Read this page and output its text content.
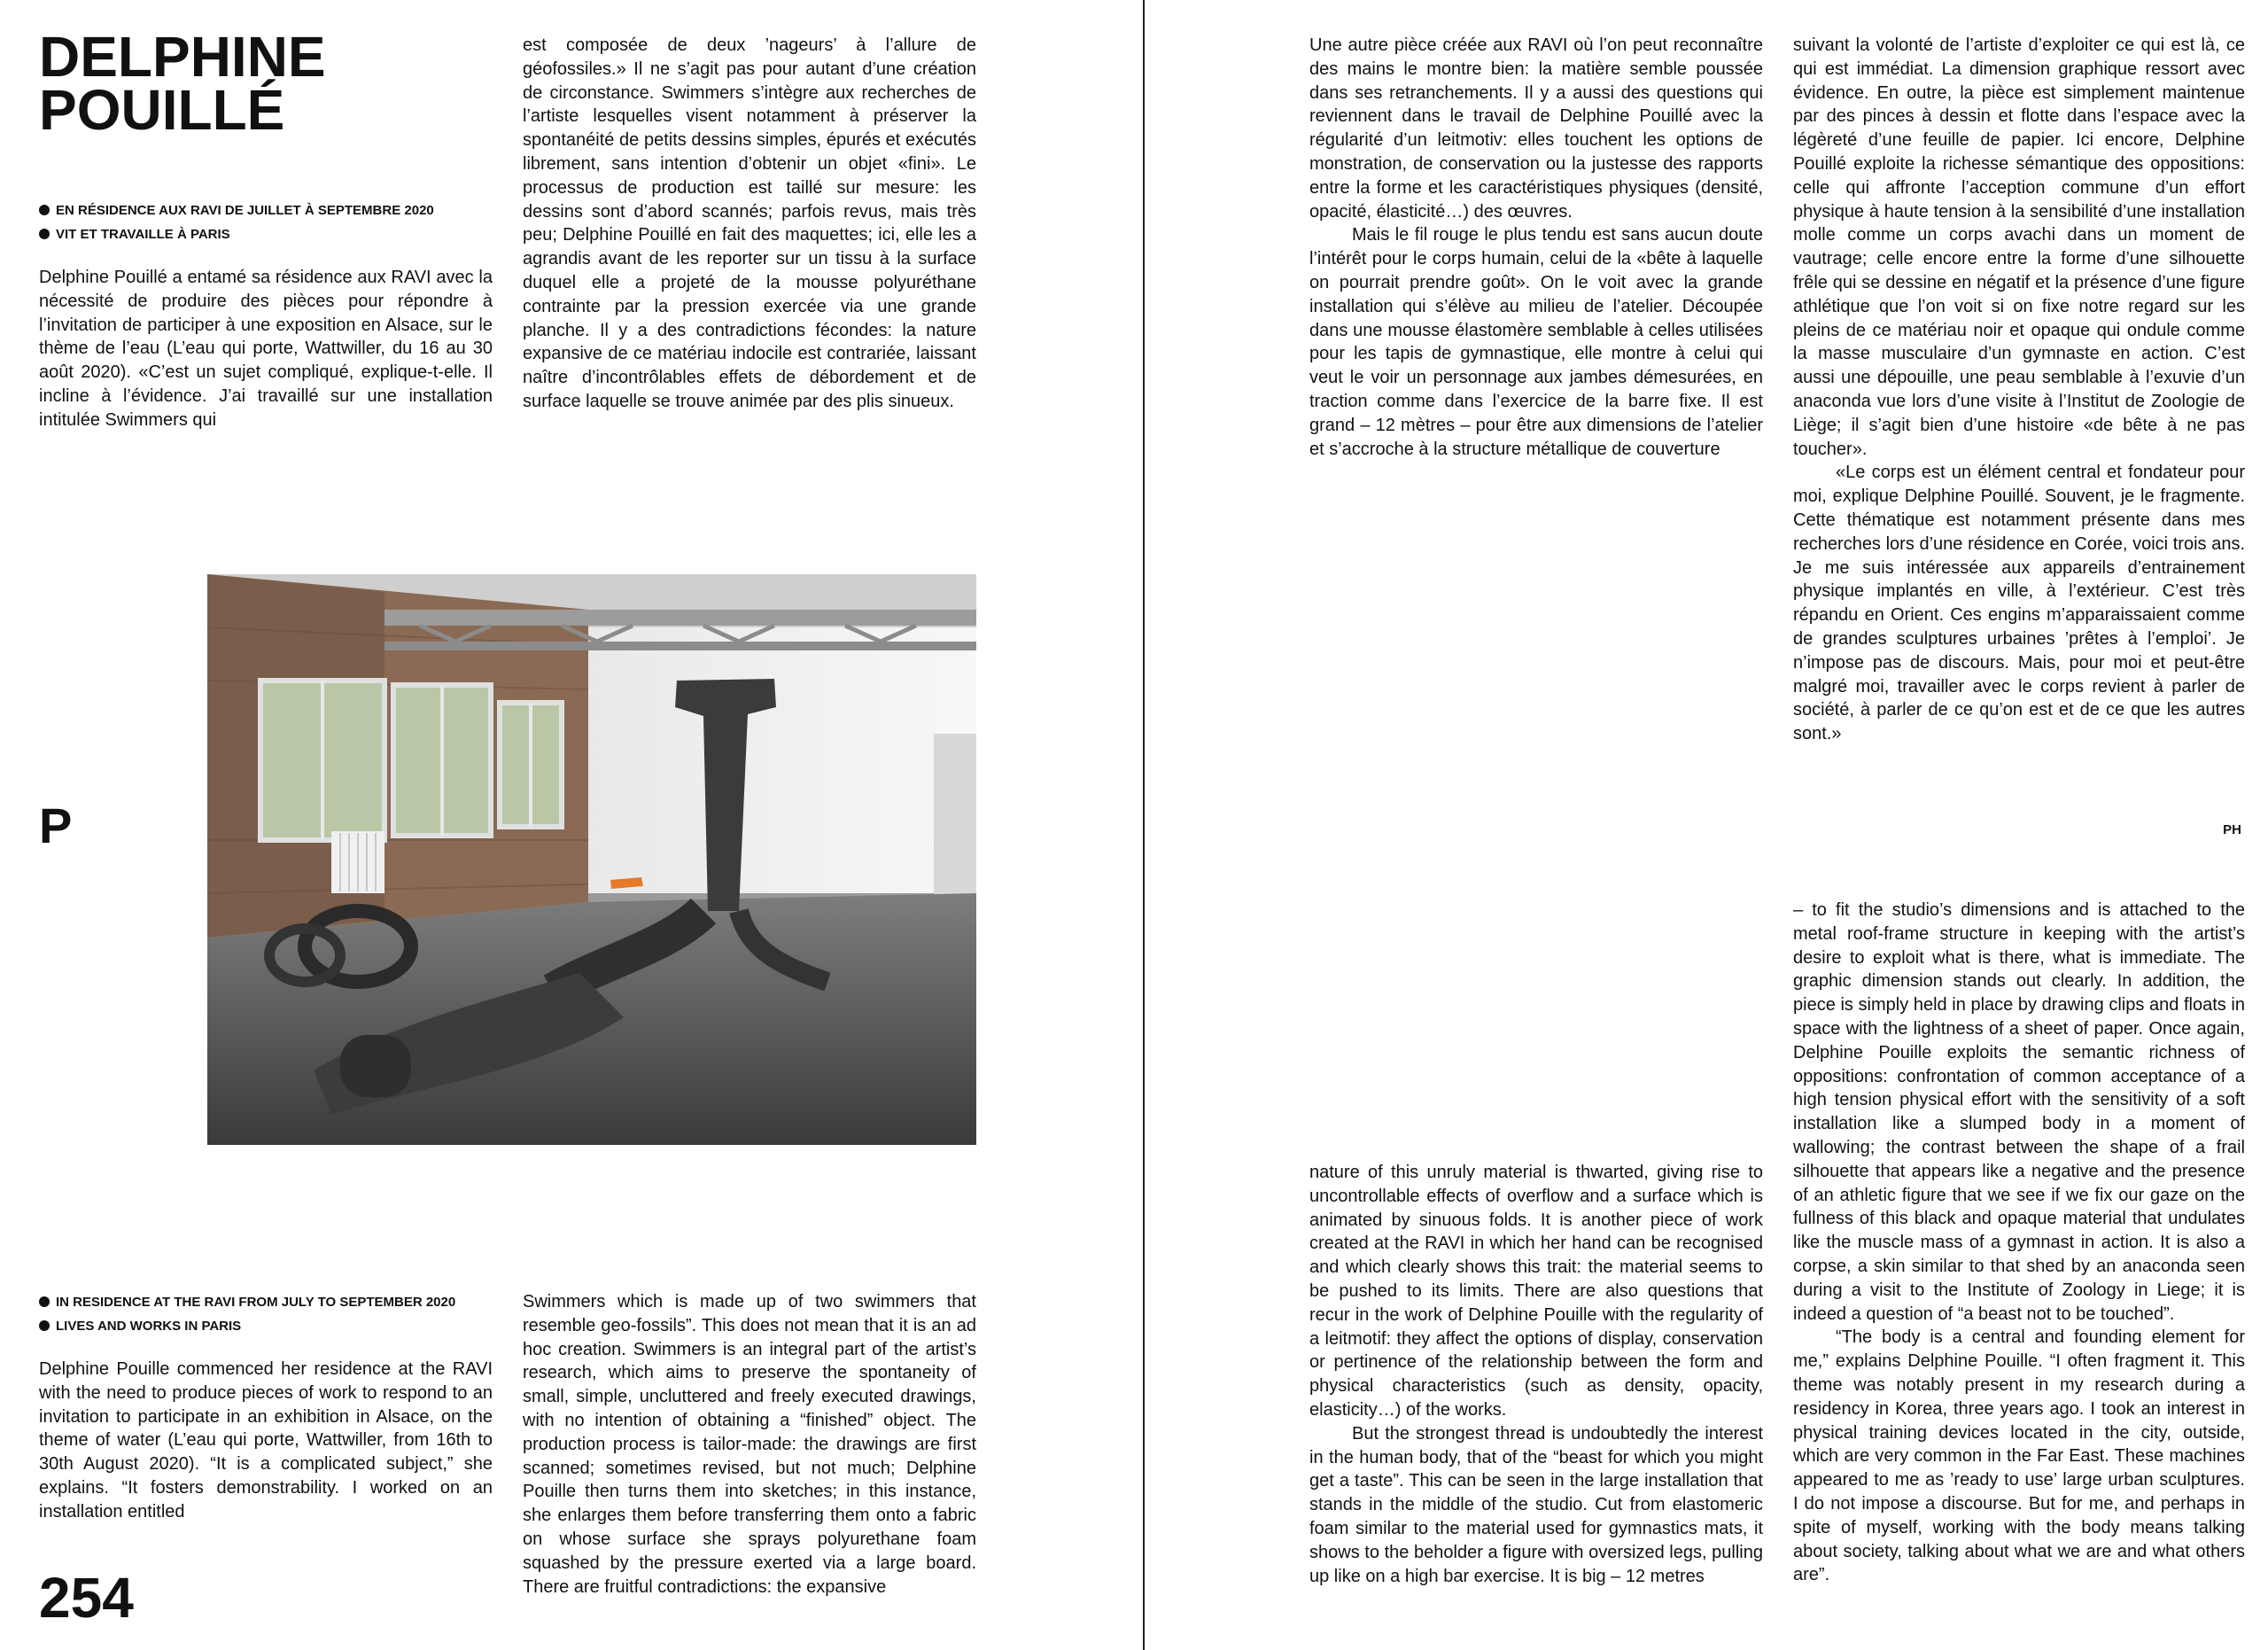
DELPHINE
POUILLÉ
EN RÉSIDENCE AUX RAVI DE JUILLET À SEPTEMBRE 2020
VIT ET TRAVAILLE À PARIS

Delphine Pouillé a entamé sa résidence aux RAVI avec la nécessité de produire des pièces pour répondre à l’invitation de participer à une exposition en Alsace, sur le thème de l’eau (L’eau qui porte, Wattwiller, du 16 au 30 août 2020). «C’est un sujet compliqué, explique-t-elle. Il incline à l’évidence. J’ai travaillé sur une installation intitulée Swimmers qui

est composée de deux ’nageurs’ à l’allure de géofossiles.» Il ne s’agit pas pour autant d’une création de circonstance. Swimmers s’intègre aux recherches de l’artiste lesquelles visent notamment à préserver la spontanéité de petits dessins simples, épurés et exécutés librement, sans intention d’obtenir un objet «fini». Le processus de production est taillé sur mesure: les dessins sont d’abord scannés; parfois revus, mais très peu; Delphine Pouillé en fait des maquettes; ici, elle les a agrandis avant de les reporter sur un tissu à la surface duquel elle a projeté de la mousse polyuréthane contrainte par la pression exercée via une grande planche. Il y a des contradictions fécondes: la nature expansive de ce matériau indocile est contrariée, laissant naître d’incontrôlables effets de débordement et de surface laquelle se trouve animée par des plis sinueux.

P
IN RESIDENCE AT THE RAVI FROM JULY TO SEPTEMBER 2020
LIVES AND WORKS IN PARIS

Delphine Pouille commenced her residence at the RAVI with the need to produce pieces of work to respond to an invitation to participate in an exhibition in Alsace, on the theme of water (L’eau qui porte, Wattwiller, from 16th to 30th August 2020). “It is a complicated subject,” she explains. “It fosters demonstrability. I worked on an installation entitled

Swimmers which is made up of two swimmers that resemble geo-fossils”. This does not mean that it is an ad hoc creation. Swimmers is an integral part of the artist’s research, which aims to preserve the spontaneity of small, simple, uncluttered and freely executed drawings, with no intention of obtaining a “finished” object. The production process is tailor-made: the drawings are first scanned; sometimes revised, but not much; Delphine Pouille then turns them into sketches; in this instance, she enlarges them before transferring them onto a fabric on whose surface she sprays polyurethane foam squashed by the pressure exerted via a large board. There are fruitful contradictions: the expansive

254

Une autre pièce créée aux RAVI où l’on peut reconnaître des mains le montre bien: la matière semble poussée dans ses retranchements. Il y a aussi des questions qui reviennent dans le travail de Delphine Pouillé avec la régularité d’un leitmotiv: elles touchent les options de monstration, de conservation ou la justesse des rapports entre la forme et les caractéristiques physiques (densité, opacité, élasticité…) des œuvres.

Mais le fil rouge le plus tendu est sans aucun doute l’intérêt pour le corps humain, celui de la «bête à laquelle on pourrait prendre goût». On le voit avec la grande installation qui s’élève au milieu de l’atelier. Découpée dans une mousse élastomère semblable à celles utilisées pour les tapis de gymnastique, elle montre à celui qui veut le voir un personnage aux jambes démesurées, en traction comme dans l’exercice de la barre fixe. Il est grand – 12 mètres – pour être aux dimensions de l’atelier et s’accroche à la structure métallique de couverture

suivant la volonté de l’artiste d’exploiter ce qui est là, ce qui est immédiat. La dimension graphique ressort avec évidence. En outre, la pièce est simplement maintenue par des pinces à dessin et flotte dans l’espace avec la légèreté d’une feuille de papier. Ici encore, Delphine Pouillé exploite la richesse sémantique des oppositions: celle qui affronte l’acception commune d’un effort physique à haute tension à la sensibilité d’une installation molle comme un corps avachi dans un moment de vautrage; celle encore entre la forme d’une silhouette frêle qui se dessine en négatif et la présence d’une figure athlétique que l’on voit si on fixe notre regard sur les pleins de ce matériau noir et opaque qui ondule comme la masse musculaire d’un gymnaste en action. C’est aussi une dépouille, une peau semblable à l’exuvie d’un anaconda vue lors d’une visite à l’Institut de Zoologie de Liège; il s’agit bien d’une histoire «de bête à ne pas toucher».

«Le corps est un élément central et fondateur pour moi, explique Delphine Pouillé. Souvent, je le fragmente. Cette thématique est notamment présente dans mes recherches lors d’une résidence en Corée, voici trois ans. Je me suis intéressée aux appareils d’entrainement physique implantés en ville, à l’extérieur. C’est très répandu en Orient. Ces engins m’apparaissaient comme de grandes sculptures urbaines ’prêtes à l’emploi’. Je n’impose pas de discours. Mais, pour moi et peut-être malgré moi, travailler avec le corps revient à parler de société, à parler de ce qu’on est et de ce que les autres sont.»

PH

nature of this unruly material is thwarted, giving rise to uncontrollable effects of overflow and a surface which is animated by sinuous folds. It is another piece of work created at the RAVI in which her hand can be recognised and which clearly shows this trait: the material seems to be pushed to its limits. There are also questions that recur in the work of Delphine Pouille with the regularity of a leitmotif: they affect the options of display, conservation or pertinence of the relationship between the form and physical characteristics (such as density, opacity, elasticity…) of the works.

But the strongest thread is undoubtedly the interest in the human body, that of the “beast for which you might get a taste”. This can be seen in the large installation that stands in the middle of the studio. Cut from elastomeric foam similar to the material used for gymnastics mats, it shows to the beholder a figure with oversized legs, pulling up like on a high bar exercise. It is big – 12 metres

– to fit the studio’s dimensions and is attached to the metal roof-frame structure in keeping with the artist’s desire to exploit what is there, what is immediate. The graphic dimension stands out clearly. In addition, the piece is simply held in place by drawing clips and floats in space with the lightness of a sheet of paper. Once again, Delphine Pouille exploits the semantic richness of oppositions: confrontation of common acceptance of a high tension physical effort with the sensitivity of a soft installation like a slumped body in a moment of wallowing; the contrast between the shape of a frail silhouette that appears like a negative and the presence of an athletic figure that we see if we fix our gaze on the fullness of this black and opaque material that undulates like the muscle mass of a gymnast in action. It is also a corpse, a skin similar to that shed by an anaconda seen during a visit to the Institute of Zoology in Liege; it is indeed a question of “a beast not to be touched”.

“The body is a central and founding element for me,” explains Delphine Pouille. “I often fragment it. This theme was notably present in my research during a residency in Korea, three years ago. I took an interest in physical training devices located in the city, outside, which are very common in the Far East. These machines appeared to me as ’ready to use’ large urban sculptures. I do not impose a discourse. But for me, and perhaps in spite of myself, working with the body means talking about society, talking about what we are and what others are”.
